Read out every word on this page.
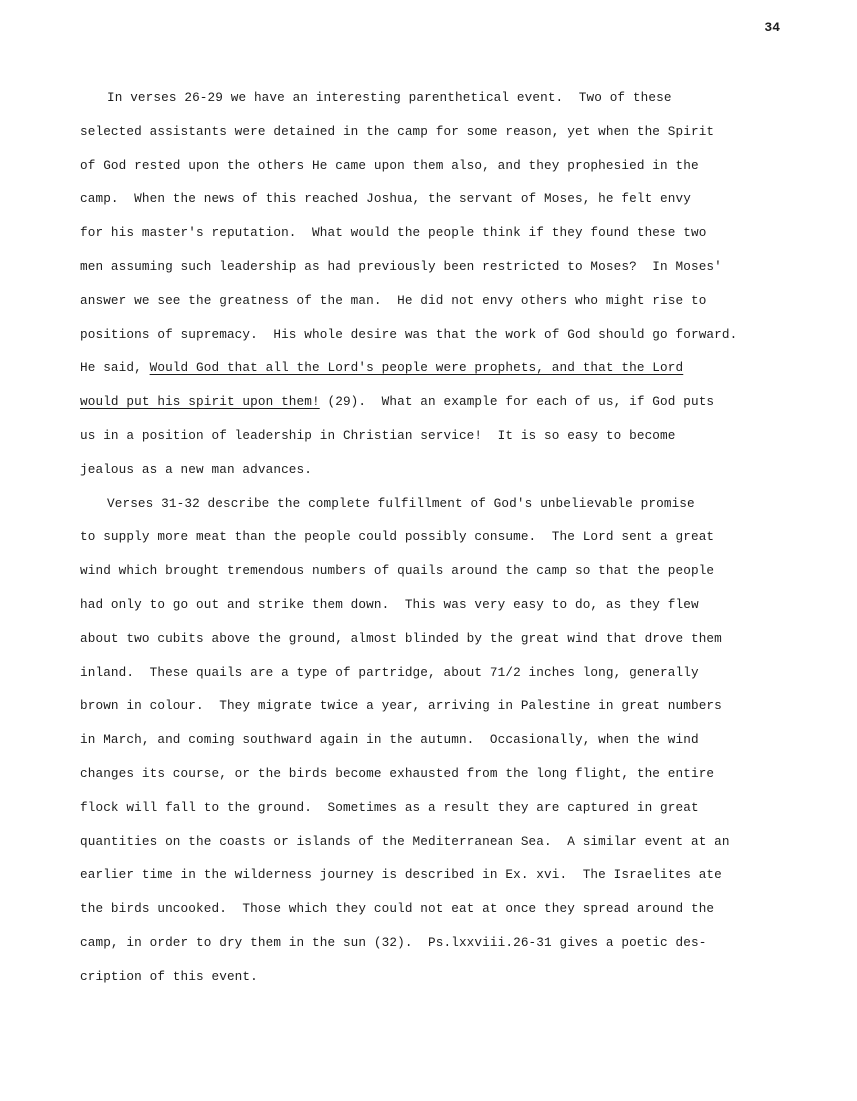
34
In verses 26-29 we have an interesting parenthetical event.  Two of these
selected assistants were detained in the camp for some reason, yet when the Spirit
of God rested upon the others He came upon them also, and they prophesied in the
camp.  When the news of this reached Joshua, the servant of Moses, he felt envy
for his master's reputation.  What would the people think if they found these two
men assuming such leadership as had previously been restricted to Moses?  In Moses'
answer we see the greatness of the man.  He did not envy others who might rise to
positions of supremacy.  His whole desire was that the work of God should go forward.
He said, Would God that all the Lord's people were prophets, and that the Lord
would put his spirit upon them! (29).  What an example for each of us, if God puts
us in a position of leadership in Christian service!  It is so easy to become
jealous as a new man advances.
Verses 31-32 describe the complete fulfillment of God's unbelievable promise
to supply more meat than the people could possibly consume.  The Lord sent a great
wind which brought tremendous numbers of quails around the camp so that the people
had only to go out and strike them down.  This was very easy to do, as they flew
about two cubits above the ground, almost blinded by the great wind that drove them
inland.  These quails are a type of partridge, about 71/2 inches long, generally
brown in colour.  They migrate twice a year, arriving in Palestine in great numbers
in March, and coming southward again in the autumn.  Occasionally, when the wind
changes its course, or the birds become exhausted from the long flight, the entire
flock will fall to the ground.  Sometimes as a result they are captured in great
quantities on the coasts or islands of the Mediterranean Sea.  A similar event at an
earlier time in the wilderness journey is described in Ex. xvi.  The Israelites ate
the birds uncooked.  Those which they could not eat at once they spread around the
camp, in order to dry them in the sun (32).  Ps.lxxviii.26-31 gives a poetic des-
cription of this event.
